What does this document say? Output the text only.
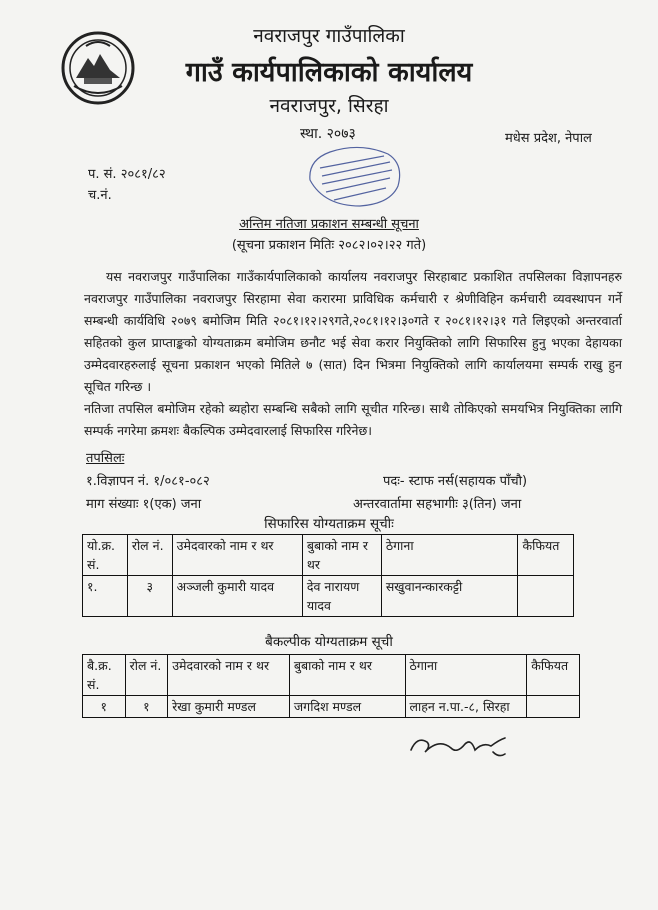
नवराजपुर गाउँपालिका
गाउँ कार्यपालिकाको कार्यालय
नवराजपुर, सिरहा
स्था. २०७३	मधेस प्रदेश, नेपाल
प. सं. २०८१/८२
च.नं.
अन्तिम नतिजा प्रकाशन सम्बन्धी सूचना
(सूचना प्रकाशन मितिः २०८२।०२।२२ गते)

यस नवराजपुर गाउँपालिका गाउँकार्यपालिकाको कार्यालय नवराजपुर सिरहाबाट प्रकाशित तपसिलका विज्ञापनहरु नवराजपुर गाउँपालिका नवराजपुर सिरहामा सेवा करारमा प्राविधिक कर्मचारी र श्रेणीविहिन कर्मचारी व्यवस्थापन गर्ने सम्बन्धी कार्यविधि २०७९ बमोजिम मिति २०८१।१२।२९गते,२०८१।१२।३०गते र २०८१।१२।३१ गते लिइएको अन्तरवार्ता सहितको कुल प्राप्ताङ्कको योग्यताक्रम बमोजिम छनौट भई सेवा करार नियुक्तिको लागि सिफारिस हुनु भएका देहायका उम्मेदवारहरुलाई सूचना प्रकाशन भएको मितिले ७ (सात) दिन भित्रमा नियुक्तिको लागि कार्यालयमा सम्पर्क राखु हुन सूचित गरिन्छ ।

नतिजा तपसिल बमोजिम रहेको ब्यहोरा सम्बन्धि सबैको लागि सूचीत गरिन्छ। साथै तोकिएको समयभित्र नियुक्तिका लागि सम्पर्क नगरेमा क्रमशः बैकल्पिक उम्मेदवारलाई सिफारिस गरिनेछ।

तपसिलः
१.विज्ञापन नं. १/०८१-०८२	पदः- स्टाफ नर्स(सहायक पाँचौ)
माग संख्याः १(एक) जना	अन्तरवार्तामा सहभागीः ३(तिन) जना
सिफारिस योग्यताक्रम सूचीः
यो.क्र. सं.	रोल नं.	उमेदवारको नाम र थर	बुबाको नाम र थर	ठेगाना	कैफियत
१.	३	अञ्जली कुमारी यादव	देव नारायण यादव	सखुवानन्कारकट्टी	
बैकल्पीक योग्यताक्रम सूची
बै.क्र. सं.	रोल नं.	उमेदवारको नाम र थर	बुबाको नाम र थर	ठेगाना	कैफियत
१	१	रेखा कुमारी मण्डल	जगदिश मण्डल	लाहन न.पा.-८, सिरहा	
